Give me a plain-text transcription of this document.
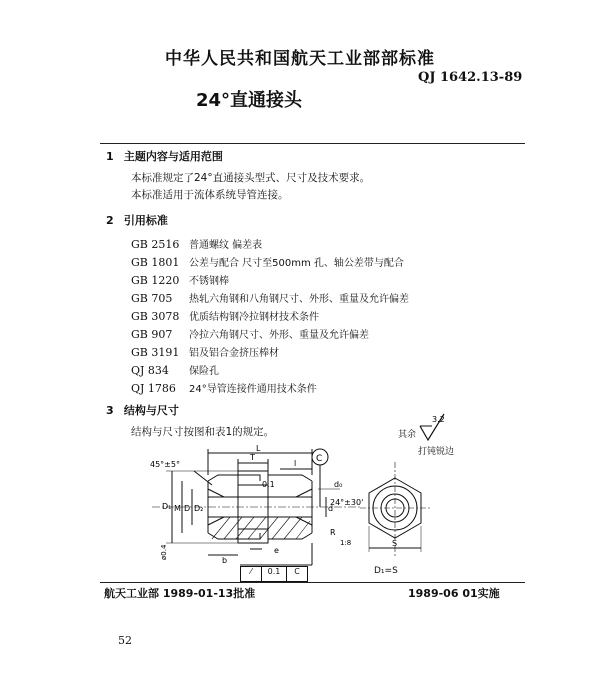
中华人民共和国航天工业部部标准
QJ 1642.13-89
24°直通接头
1 主题内容与适用范围
本标准规定了24°直通接头型式、尺寸及技术要求。
本标准适用于流体系统导管连接。
2 引用标准
GB 2516 普通螺纹 偏差表
GB 1801 公差与配合 尺寸至500mm 孔、轴公差带与配合
GB 1220 不锈钢棒
GB 705 热轧六角钢和八角钢尺寸、外形、重量及允许偏差
GB 3078 优质结构钢冷拉钢材技术条件
GB 907 冷拉六角钢尺寸、外形、重量及允许偏差
GB 3191 铝及铝合金挤压棒材
QJ 834 保险孔
QJ 1786 24°导管连接件通用技术条件
3 结构与尺寸
结构与尺寸按图和表1的规定。	其余
3.2
打钝锐边
C
45°±5°
L
T
l
D₁ M D D₂	d
d₀
b
0.1
ø0.4
24°±30'
R
1:8
e
⁄	0.1	C
S
D₁=S
航天工业部 1989-01-13批准	1989-06 01实施
52
